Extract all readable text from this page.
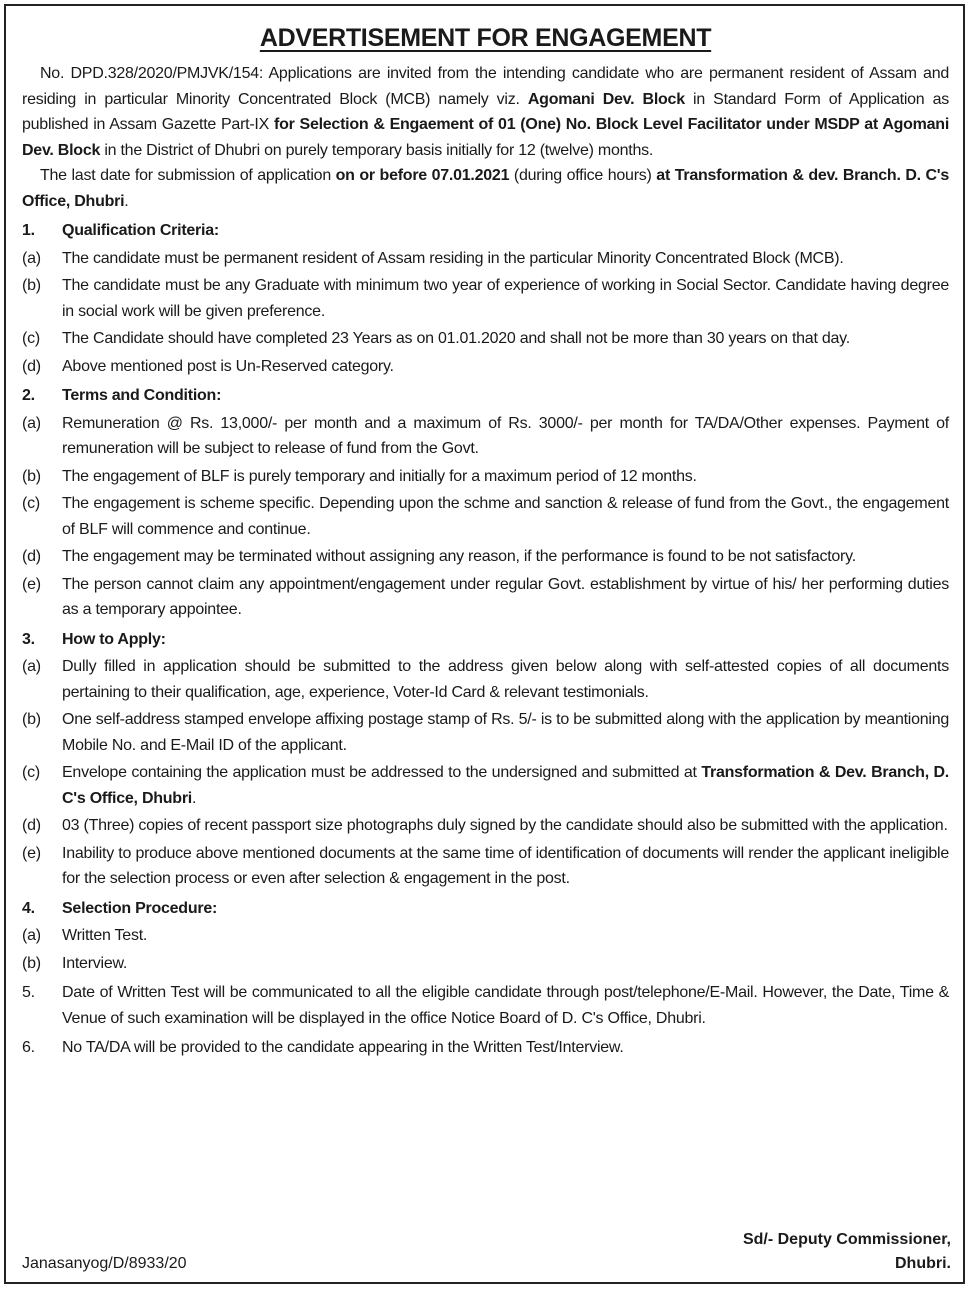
ADVERTISEMENT FOR ENGAGEMENT

No. DPD.328/2020/PMJVK/154: Applications are invited from the intending candidate who are permanent resident of Assam and residing in particular Minority Concentrated Block (MCB) namely viz. Agomani Dev. Block in Standard Form of Application as published in Assam Gazette Part-IX for Selection & Engaement of 01 (One) No. Block Level Facilitator under MSDP at Agomani Dev. Block in the District of Dhubri on purely temporary basis initially for 12 (twelve) months.

The last date for submission of application on or before 07.01.2021 (during office hours) at Transformation & dev. Branch. D. C's Office, Dhubri.

1.	Qualification Criteria:
(a)	The candidate must be permanent resident of Assam residing in the particular Minority Concentrated Block (MCB).
(b)	The candidate must be any Graduate with minimum two year of experience of working in Social Sector. Candidate having degree in social work will be given preference.
(c)	The Candidate should have completed 23 Years as on 01.01.2020 and shall not be more than 30 years on that day.
(d)	Above mentioned post is Un-Reserved category.
2.	Terms and Condition:
(a)	Remuneration @ Rs. 13,000/- per month and a maximum of Rs. 3000/- per month for TA/DA/Other expenses. Payment of remuneration will be subject to release of fund from the Govt.
(b)	The engagement of BLF is purely temporary and initially for a maximum period of 12 months.
(c)	The engagement is scheme specific. Depending upon the schme and sanction & release of fund from the Govt., the engagement of BLF will commence and continue.
(d)	The engagement may be terminated without assigning any reason, if the performance is found to be not satisfactory.
(e)	The person cannot claim any appointment/engagement under regular Govt. establishment by virtue of his/ her performing duties as a temporary appointee.
3.	How to Apply:
(a)	Dully filled in application should be submitted to the address given below along with self-attested copies of all documents pertaining to their qualification, age, experience, Voter-Id Card & relevant testimonials.
(b)	One self-address stamped envelope affixing postage stamp of Rs. 5/- is to be submitted along with the application by meantioning Mobile No. and E-Mail ID of the applicant.
(c)	Envelope containing the application must be addressed to the undersigned and submitted at Transformation & Dev. Branch, D. C's Office, Dhubri.
(d)	03 (Three) copies of recent passport size photographs duly signed by the candidate should also be submitted with the application.
(e)	Inability to produce above mentioned documents at the same time of identification of documents will render the applicant ineligible for the selection process or even after selection & engagement in the post.
4.	Selection Procedure:
(a)	Written Test.
(b)	Interview.
5.	Date of Written Test will be communicated to all the eligible candidate through post/telephone/E-Mail. However, the Date, Time & Venue of such examination will be displayed in the office Notice Board of D. C's Office, Dhubri.
6.	No TA/DA will be provided to the candidate appearing in the Written Test/Interview.
Sd/- Deputy Commissioner,
Dhubri.
Janasanyog/D/8933/20
